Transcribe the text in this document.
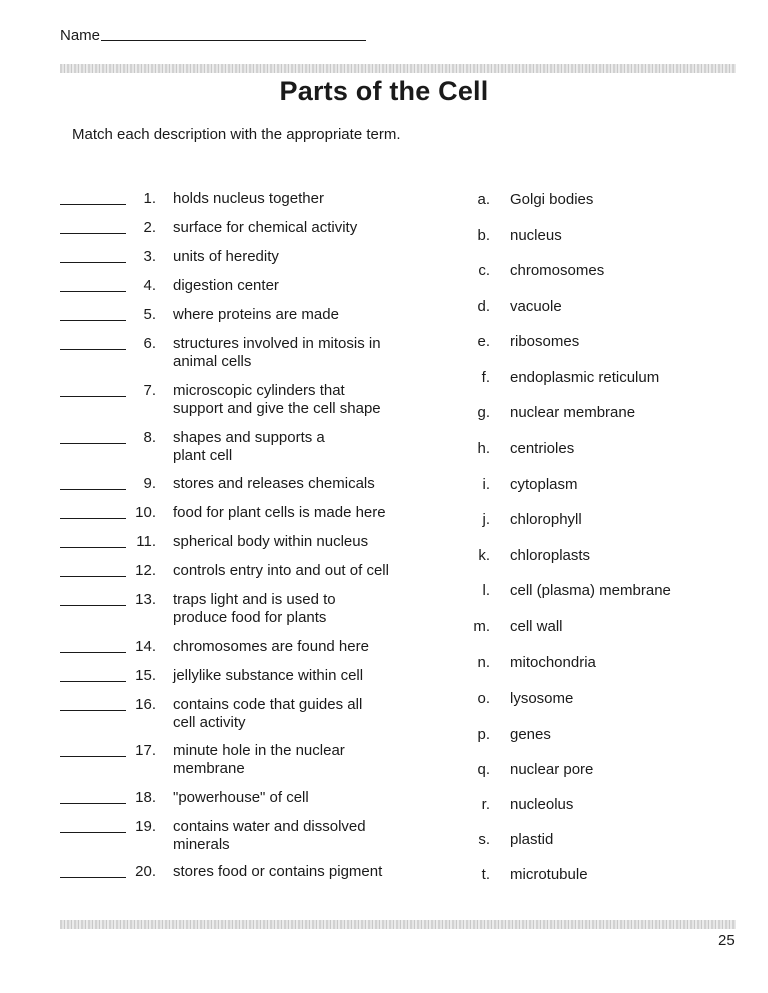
Name
Parts of the Cell
Match each description with the appropriate term.
1. holds nucleus together
2. surface for chemical activity
3. units of heredity
4. digestion center
5. where proteins are made
6. structures involved in mitosis in
animal cells
7. microscopic cylinders that
support and give the cell shape
8. shapes and supports a
plant cell
9. stores and releases chemicals
10. food for plant cells is made here
11. spherical body within nucleus
12. controls entry into and out of cell
13. traps light and is used to
produce food for plants
14. chromosomes are found here
15. jellylike substance within cell
16. contains code that guides all
cell activity
17. minute hole in the nuclear
membrane
18. "powerhouse" of cell
19. contains water and dissolved
minerals
20. stores food or contains pigment
a. Golgi bodies
b. nucleus
c. chromosomes
d. vacuole
e. ribosomes
f. endoplasmic reticulum
g. nuclear membrane
h. centrioles
i. cytoplasm
j. chlorophyll
k. chloroplasts
l. cell (plasma) membrane
m. cell wall
n. mitochondria
o. lysosome
p. genes
q. nuclear pore
r. nucleolus
s. plastid
t. microtubule
25
